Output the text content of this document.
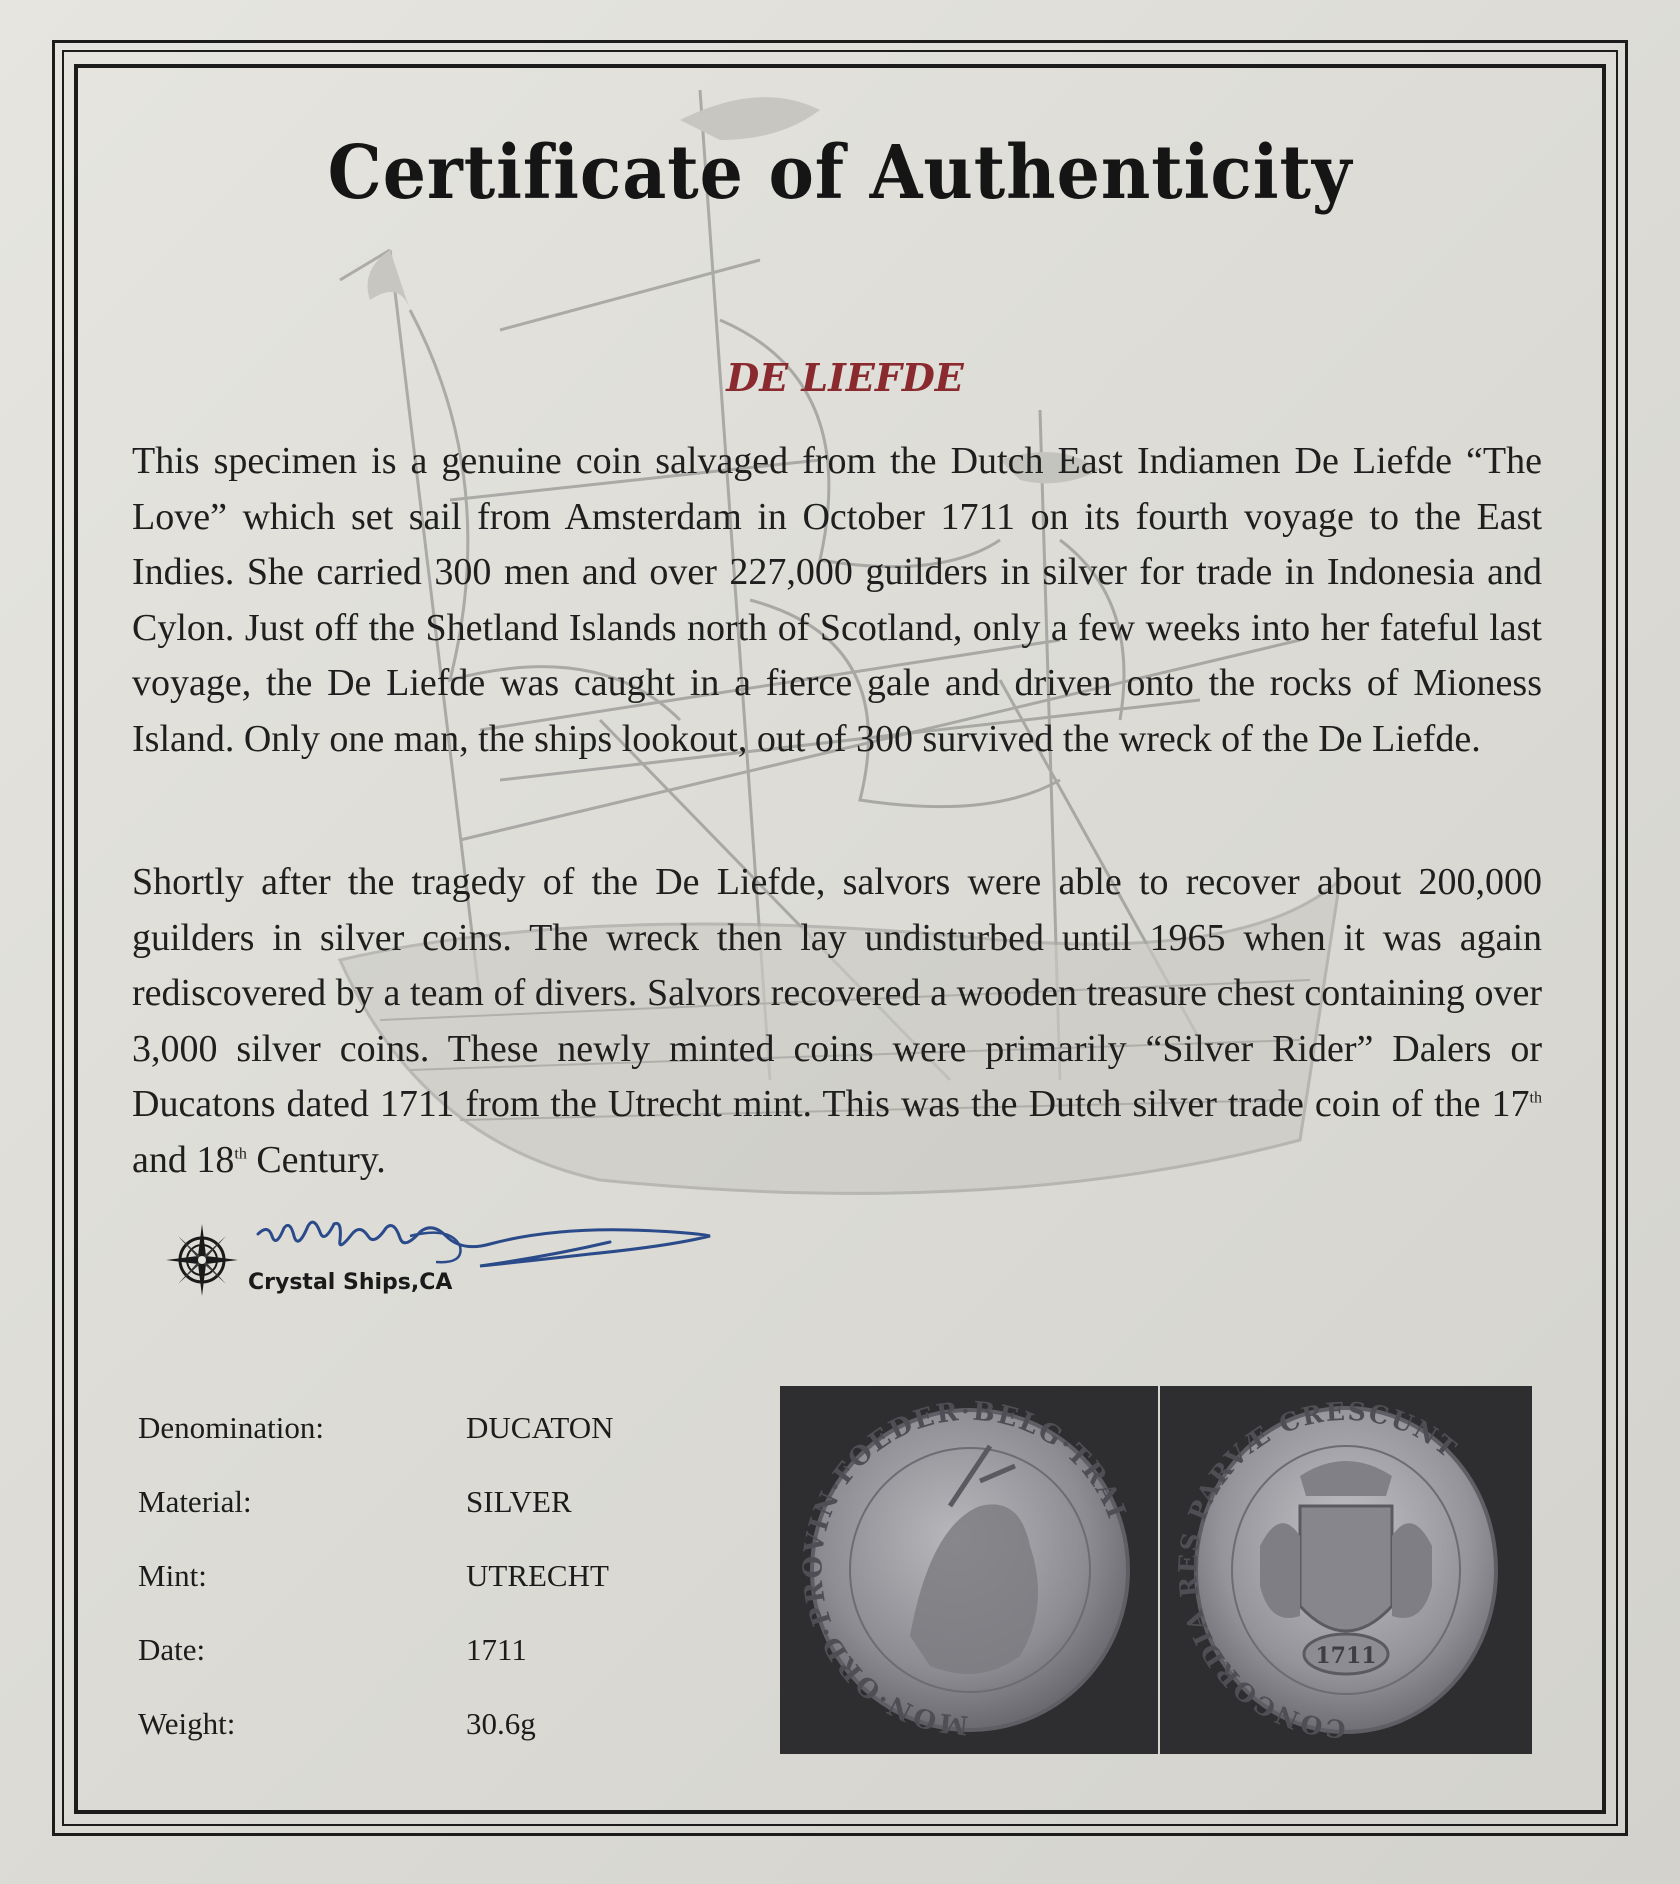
Certificate of Authenticity
DE LIEFDE

This specimen is a genuine coin salvaged from the Dutch East Indiamen De Liefde “The Love” which set sail from Amsterdam in October 1711 on its fourth voyage to the East Indies. She carried 300 men and over 227,000 guilders in silver for trade in Indonesia and Cylon. Just off the Shetland Islands north of Scotland, only a few weeks into her fateful last voyage, the De Liefde was caught in a fierce gale and driven onto the rocks of Mioness Island. Only one man, the ships lookout, out of 300 survived the wreck of the De Liefde.

Shortly after the tragedy of the De Liefde, salvors were able to recover about 200,000 guilders in silver coins. The wreck then lay undisturbed until 1965 when it was again rediscovered by a team of divers. Salvors recovered a wooden treasure chest containing over 3,000 silver coins. These newly minted coins were primarily “Silver Rider” Dalers or Ducatons dated 1711 from the Utrecht mint. This was the Dutch silver trade coin of the 17th and 18th Century.

Crystal Ships,CA

Denomination:	DUCATON

Material:	SILVER

Mint:	UTRECHT

Date:	1711

Weight:	30.6g	MON·ORD·PROVIN·FOEDER·BELG·TRAI
1711
CONCORDIA RES PARVÆ CRESCUNT
